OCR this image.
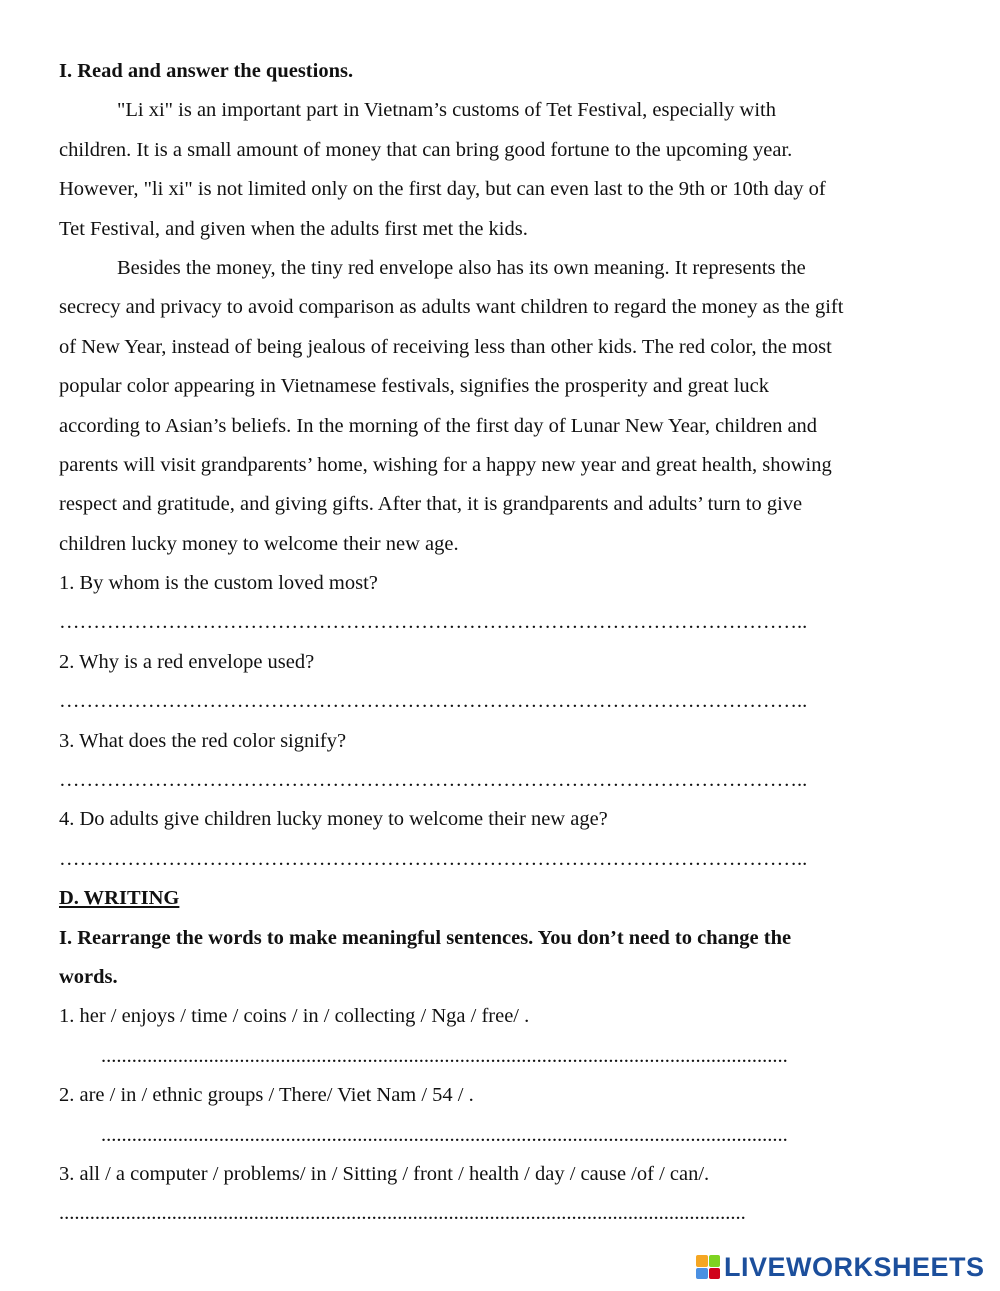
I. Read and answer the questions.
"Li xi" is an important part in Vietnam’s customs of Tet Festival, especially with
children. It is a small amount of money that can bring good fortune to the upcoming year.
However, "li xi" is not limited only on the first day, but can even last to the 9th or 10th day of
Tet Festival, and given when the adults first met the kids.
Besides the money, the tiny red envelope also has its own meaning. It represents the
secrecy and privacy to avoid comparison as adults want children to regard the money as the gift
of New Year, instead of being jealous of receiving less than other kids. The red color, the most
popular color appearing in Vietnamese festivals, signifies the prosperity and great luck
according to Asian’s beliefs. In the morning of the first day of Lunar New Year, children and
parents will visit grandparents’ home, wishing for a happy new year and great health, showing
respect and gratitude, and giving gifts. After that, it is grandparents and adults’ turn to give
children lucky money to welcome their new age.
1. By whom is the custom loved most?
………………………………………………………………………………………………..
2. Why is a red envelope used?
………………………………………………………………………………………………..
3. What does the red color signify?
………………………………………………………………………………………………..
4. Do adults give children lucky money to welcome their new age?
………………………………………………………………………………………………..
D. WRITING
I. Rearrange the words to make meaningful sentences. You don’t need to change the
words.
1. her / enjoys / time / coins / in / collecting / Nga / free/ .
......................................................................................................................................
2. are / in / ethnic groups / There/ Viet Nam / 54 / .
......................................................................................................................................
3. all / a computer / problems/ in / Sitting / front / health / day / cause /of / can/.
......................................................................................................................................
LIVEWORKSHEETS
